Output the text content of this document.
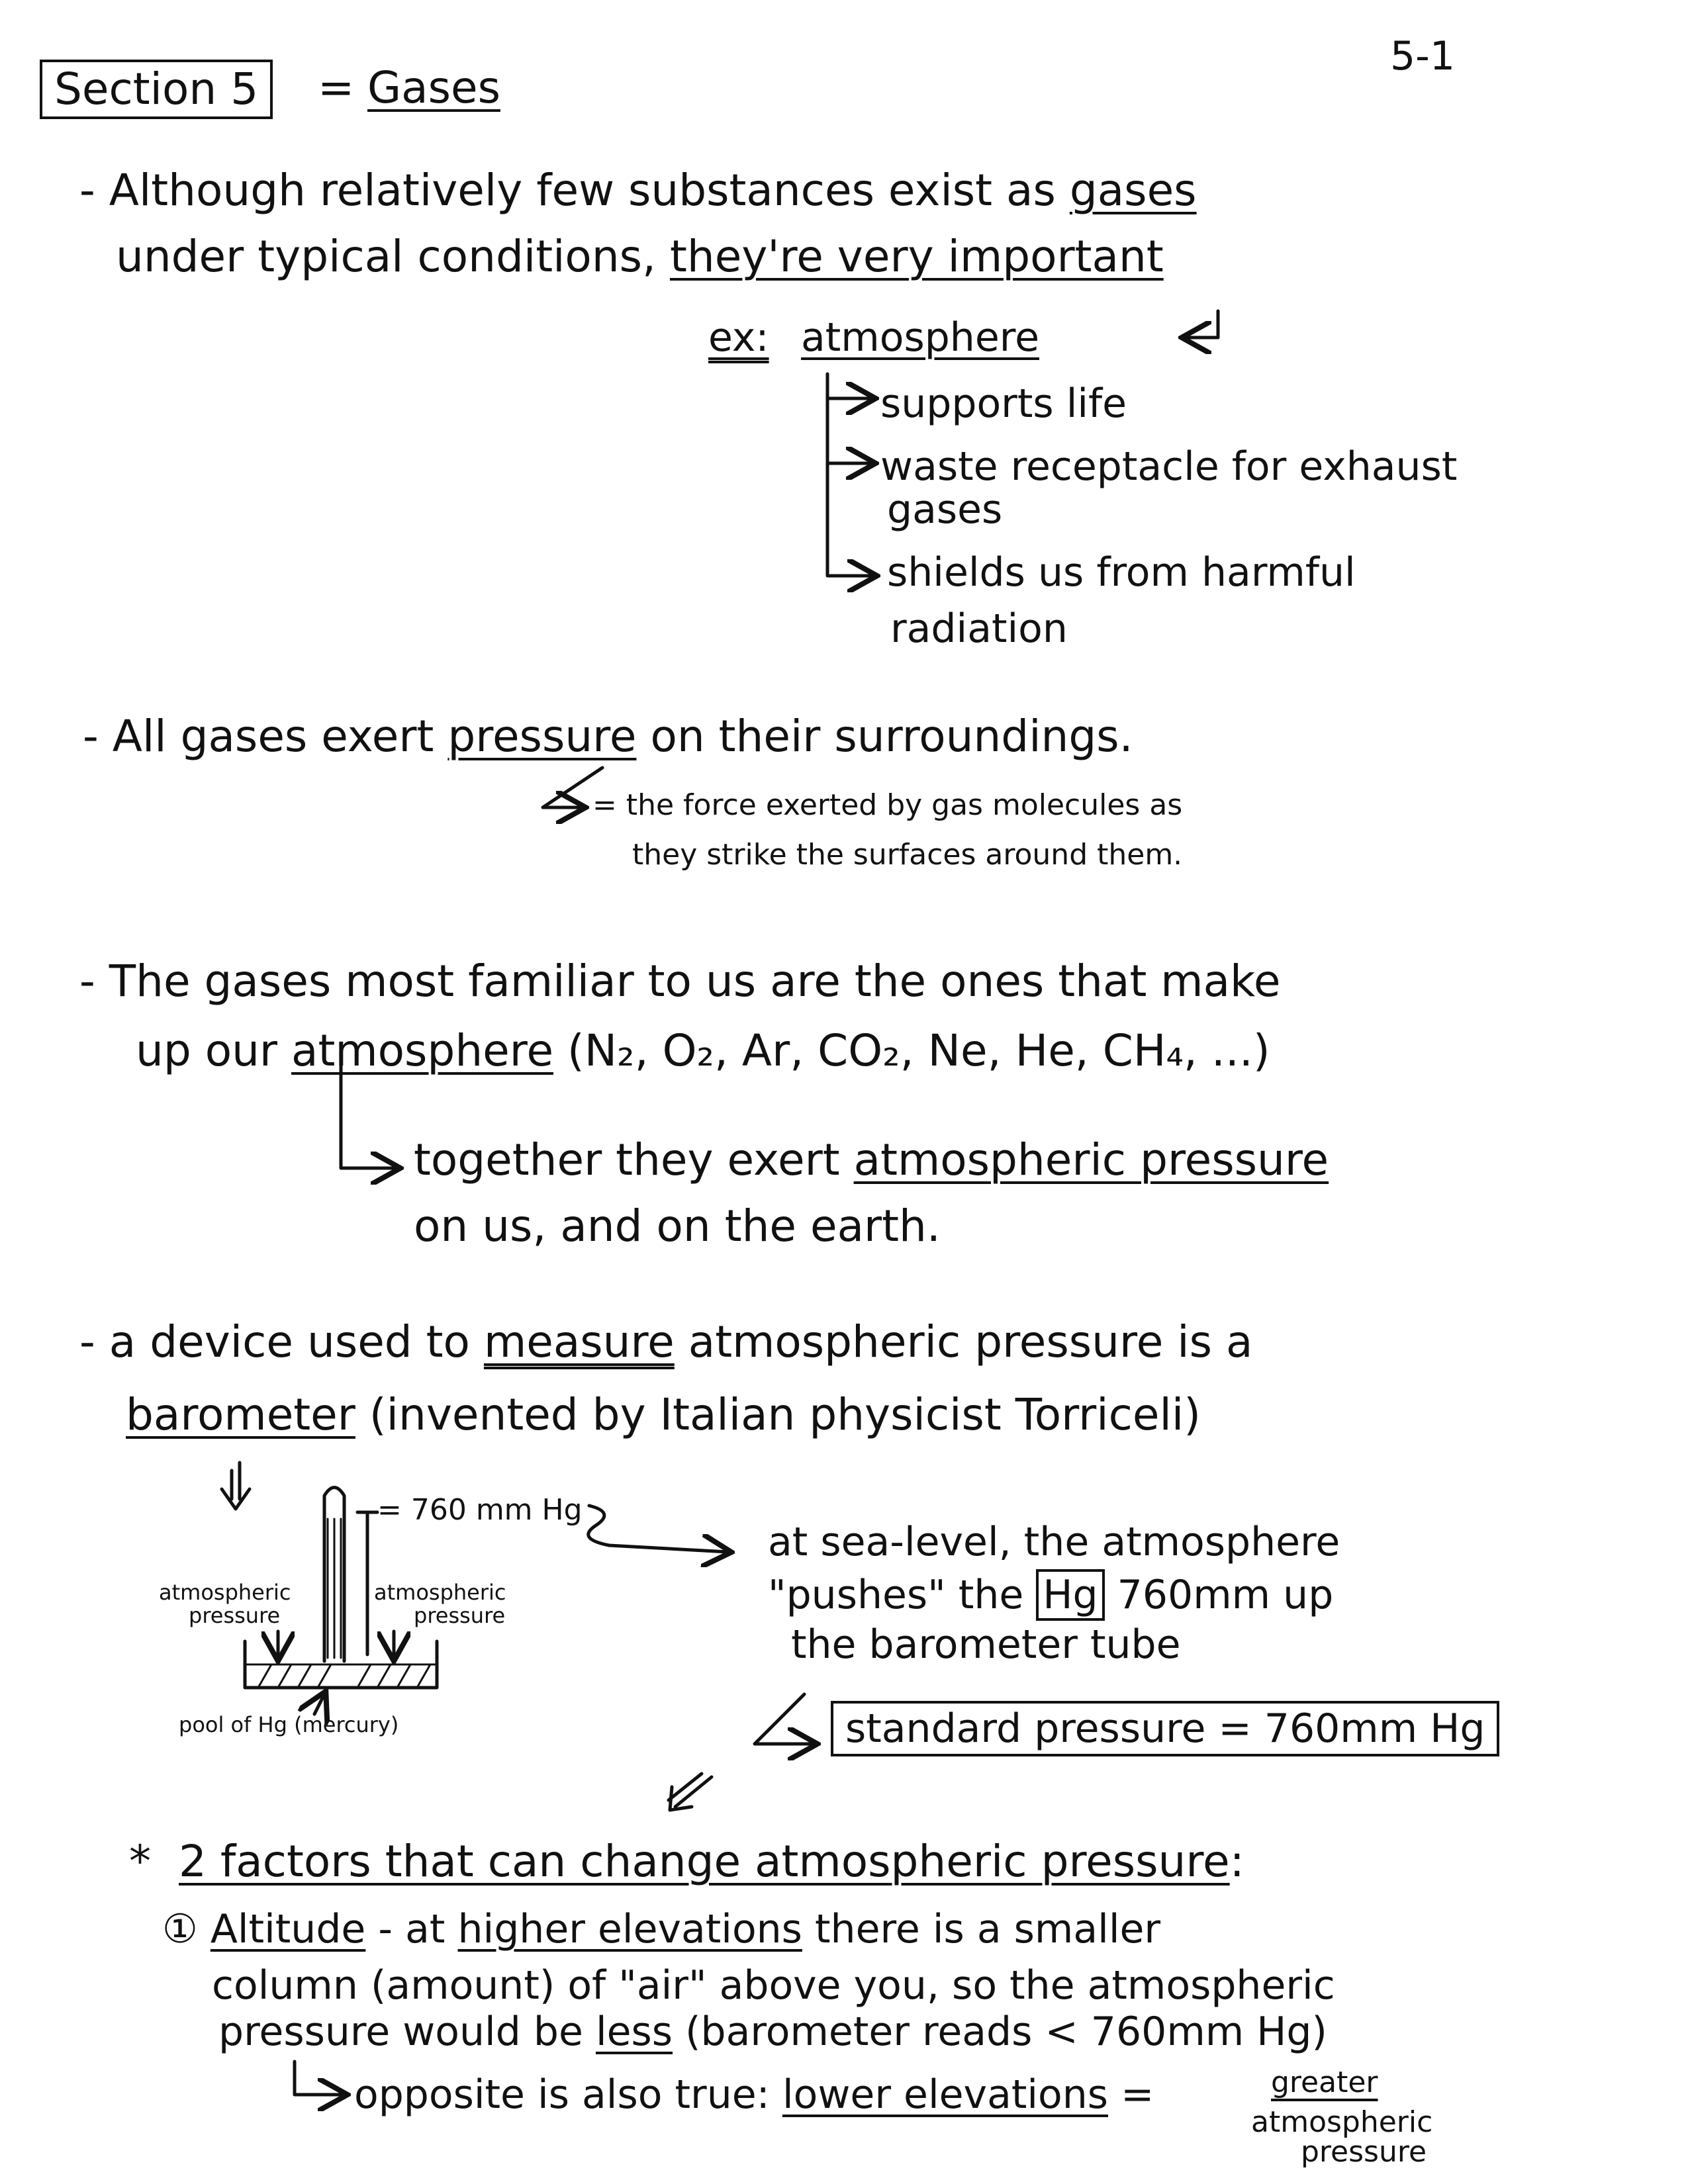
5-1
Section 5	= Gases
- Although relatively few substances exist as gases
under typical conditions, they're very important
ex: atmosphere
supports life
waste receptacle for exhaust
gases
shields us from harmful
radiation
- All gases exert pressure on their surroundings.
= the force exerted by gas molecules as
they strike the surfaces around them.
- The gases most familiar to us are the ones that make
up our atmosphere (N₂, O₂, Ar, CO₂, Ne, He, CH₄, ...)
together they exert atmospheric pressure
on us, and on the earth.
- a device used to measure atmospheric pressure is a
barometer (invented by Italian physicist Torriceli)
= 760 mm Hg
atmospheric
pressure
atmospheric
pressure
pool of Hg (mercury)
at sea-level, the atmosphere
"pushes" the Hg 760mm up
the barometer tube
standard pressure = 760mm Hg
* 2 factors that can change atmospheric pressure:
① Altitude - at higher elevations there is a smaller
column (amount) of "air" above you, so the atmospheric
pressure would be less (barometer reads < 760mm Hg)
opposite is also true: lower elevations =	greater
atmospheric
pressure
